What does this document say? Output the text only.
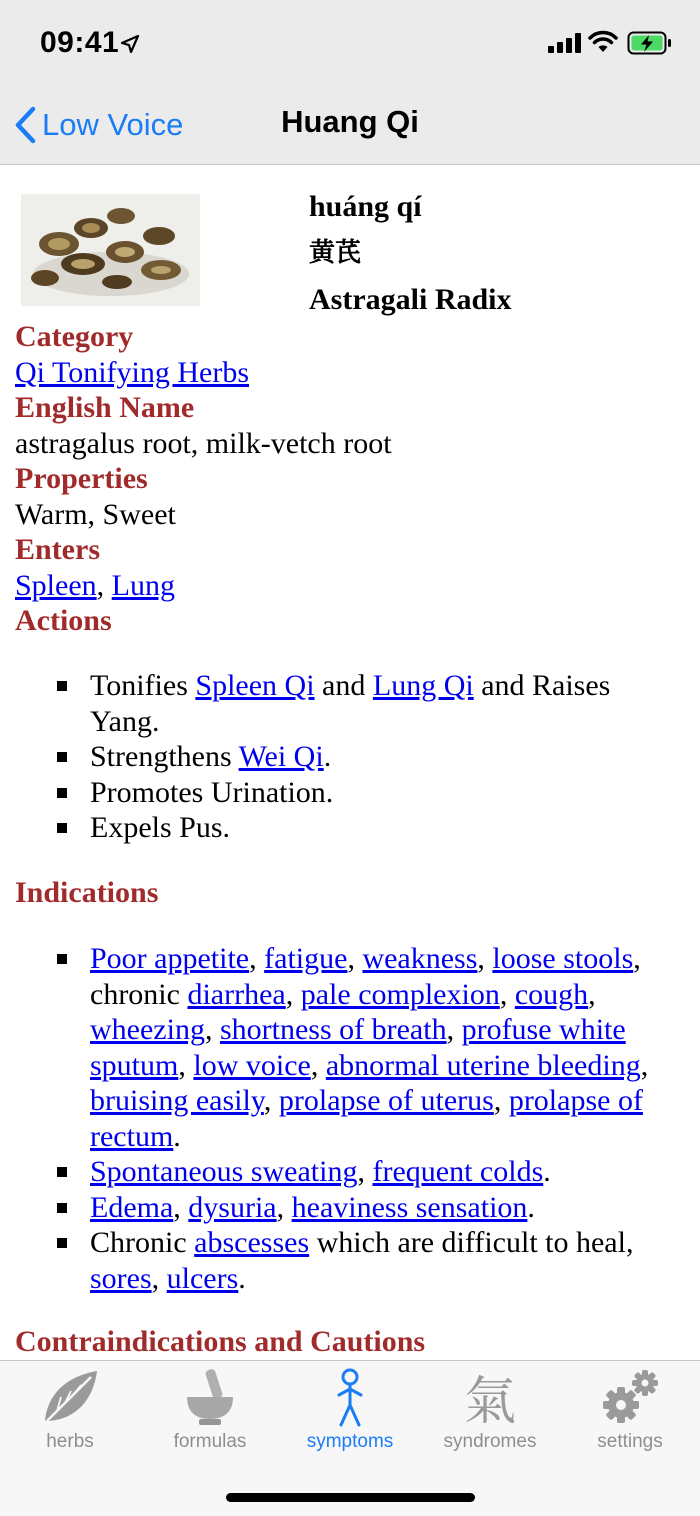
09:41
Low Voice	Huang Qi
huáng qí
黄芪
Astragali Radix
Category
Qi Tonifying Herbs
English Name
astragalus root, milk-vetch root
Properties
Warm, Sweet
Enters
Spleen, Lung
Actions
Tonifies Spleen Qi and Lung Qi and Raises Yang.
Strengthens Wei Qi.
Promotes Urination.
Expels Pus.
Indications
Poor appetite, fatigue, weakness, loose stools, chronic diarrhea, pale complexion, cough, wheezing, shortness of breath, profuse white sputum, low voice, abnormal uterine bleeding, bruising easily, prolapse of uterus, prolapse of rectum.
Spontaneous sweating, frequent colds.
Edema, dysuria, heaviness sensation.
Chronic abscesses which are difficult to heal, sores, ulcers.
Contraindications and Cautions
herbs	formulas	symptoms
氣
syndromes	settings
